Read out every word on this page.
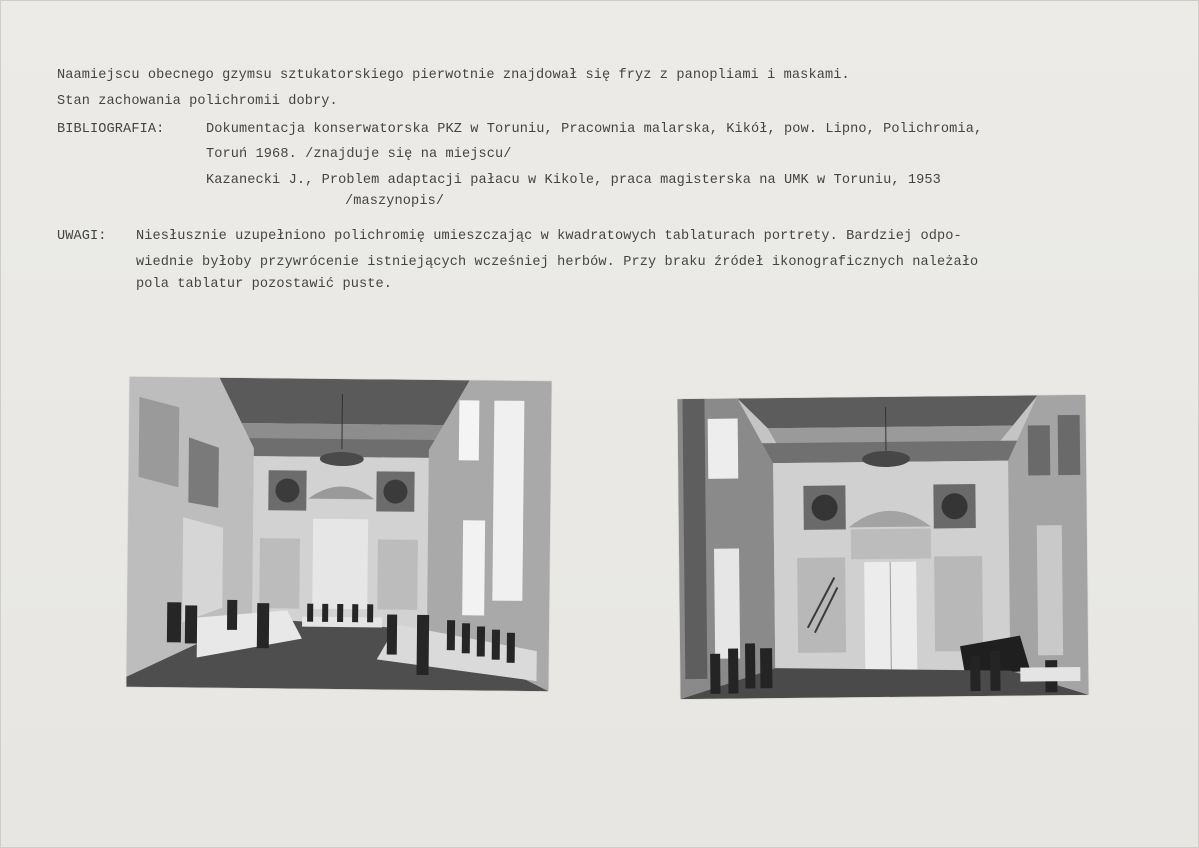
Naamiejscu obecnego gzymsu sztukatorskiego pierwotnie znajdował się fryz z panopliami i maskami.
Stan zachowania polichromii dobry.
BIBLIOGRAFIA:	Dokumentacja konserwatorska PKZ w Toruniu, Pracownia malarska, Kikół, pow. Lipno, Polichromia,
Toruń 1968. /znajduje się na miejscu/
Kazanecki J., Problem adaptacji pałacu w Kikole, praca magisterska na UMK w Toruniu, 1953
/maszynopis/
UWAGI: Niesłusznie uzupełniono polichromię umieszczając w kwadratowych tablaturach portrety. Bardziej odpo-
wiednie byłoby przywrócenie istniejących wcześniej herbów. Przy braku źródeł ikonograficznych należało
pola tablatur pozostawić puste.
